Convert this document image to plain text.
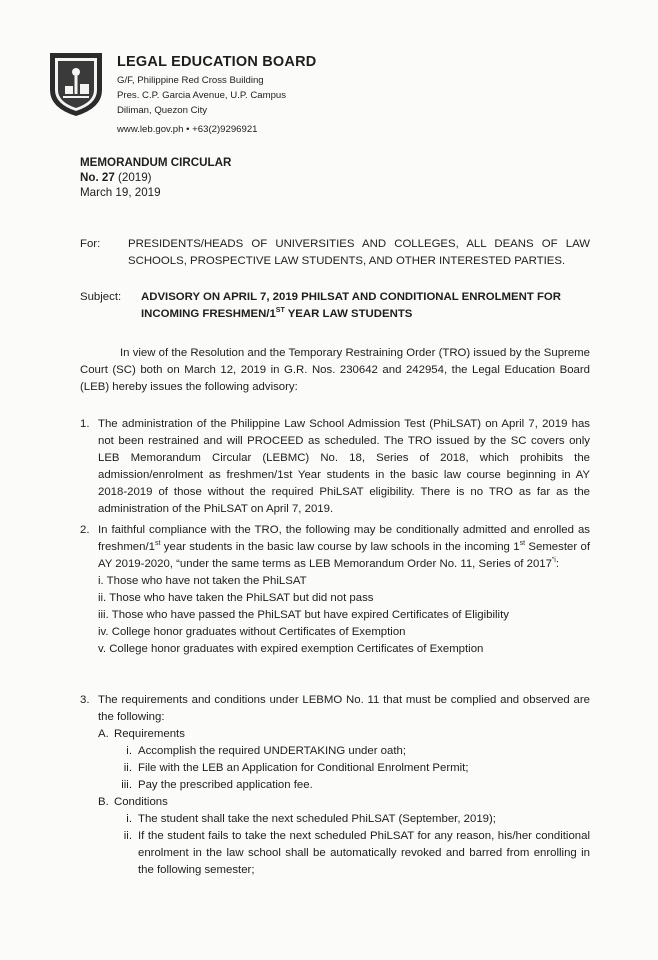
LEGAL EDUCATION BOARD
G/F, Philippine Red Cross Building
Pres. C.P. Garcia Avenue, U.P. Campus
Diliman, Quezon City
www.leb.gov.ph • +63(2)9296921
MEMORANDUM CIRCULAR
No. 27 (2019)
March 19, 2019
For: PRESIDENTS/HEADS OF UNIVERSITIES AND COLLEGES, ALL DEANS OF LAW SCHOOLS, PROSPECTIVE LAW STUDENTS, AND OTHER INTERESTED PARTIES.
Subject: ADVISORY ON APRIL 7, 2019 PHILSAT AND CONDITIONAL ENROLMENT FOR
INCOMING FRESHMEN/1ST YEAR LAW STUDENTS
In view of the Resolution and the Temporary Restraining Order (TRO) issued by the Supreme Court (SC) both on March 12, 2019 in G.R. Nos. 230642 and 242954, the Legal Education Board (LEB) hereby issues the following advisory:
1. The administration of the Philippine Law School Admission Test (PhiLSAT) on April 7, 2019 has not been restrained and will PROCEED as scheduled. The TRO issued by the SC covers only LEB Memorandum Circular (LEBMC) No. 18, Series of 2018, which prohibits the admission/enrolment as freshmen/1st Year students in the basic law course beginning in AY 2018-2019 of those without the required PhiLSAT eligibility. There is no TRO as far as the administration of the PhiLSAT on April 7, 2019.
2. In faithful compliance with the TRO, the following may be conditionally admitted and enrolled as freshmen/1st year students in the basic law course by law schools in the incoming 1st Semester of AY 2019-2020, “under the same terms as LEB Memorandum Order No. 11, Series of $2017^{”i}$:
i. Those who have not taken the PhiLSAT
ii. Those who have taken the PhiLSAT but did not pass
iii. Those who have passed the PhiLSAT but have expired Certificates of Eligibility
iv. College honor graduates without Certificates of Exemption
v. College honor graduates with expired exemption Certificates of Exemption
3. The requirements and conditions under LEBMO No. 11 that must be complied and observed are the following:
A. Requirements
i. Accomplish the required UNDERTAKING under oath;
ii. File with the LEB an Application for Conditional Enrolment Permit;
iii. Pay the prescribed application fee.
B. Conditions
i. The student shall take the next scheduled PhiLSAT (September, 2019);
ii. If the student fails to take the next scheduled PhiLSAT for any reason, his/her conditional enrolment in the law school shall be automatically revoked and barred from enrolling in the following semester;
